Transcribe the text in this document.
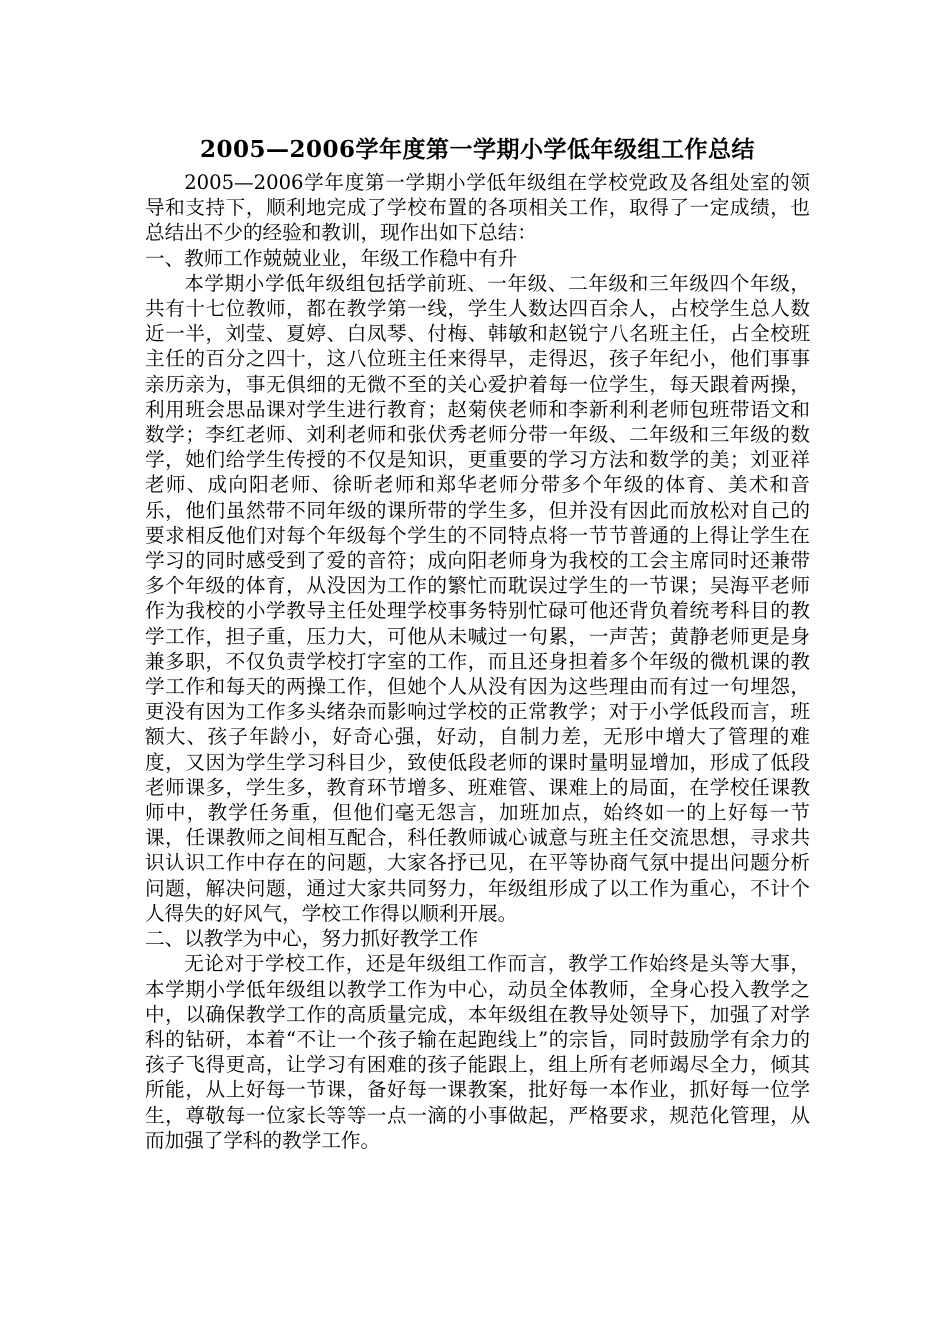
2005—2006学年度第一学期小学低年级组工作总结

2005—2006学年度第一学期小学低年级组在学校党政及各组处室的领导和支持下，顺利地完成了学校布置的各项相关工作，取得了一定成绩，也总结出不少的经验和教训，现作出如下总结：

一、教师工作兢兢业业，年级工作稳中有升

本学期小学低年级组包括学前班、一年级、二年级和三年级四个年级，共有十七位教师，都在教学第一线，学生人数达四百余人，占校学生总人数近一半，刘莹、夏婷、白凤琴、付梅、韩敏和赵锐宁八名班主任，占全校班主任的百分之四十，这八位班主任来得早，走得迟，孩子年纪小，他们事事亲历亲为，事无俱细的无微不至的关心爱护着每一位学生，每天跟着两操，利用班会思品课对学生进行教育；赵菊侠老师和李新利利老师包班带语文和数学；李红老师、刘利老师和张伏秀老师分带一年级、二年级和三年级的数学，她们给学生传授的不仅是知识，更重要的学习方法和数学的美；刘亚祥老师、成向阳老师、徐昕老师和郑华老师分带多个年级的体育、美术和音乐，他们虽然带不同年级的课所带的学生多，但并没有因此而放松对自己的要求相反他们对每个年级每个学生的不同特点将一节节普通的上得让学生在学习的同时感受到了爱的音符；成向阳老师身为我校的工会主席同时还兼带多个年级的体育，从没因为工作的繁忙而耽误过学生的一节课；吴海平老师作为我校的小学教导主任处理学校事务特别忙碌可他还背负着统考科目的教学工作，担子重，压力大，可他从未喊过一句累，一声苦；黄静老师更是身兼多职，不仅负责学校打字室的工作，而且还身担着多个年级的微机课的教学工作和每天的两操工作，但她个人从没有因为这些理由而有过一句埋怨，更没有因为工作多头绪杂而影响过学校的正常教学；对于小学低段而言，班额大、孩子年龄小，好奇心强，好动，自制力差，无形中增大了管理的难度，又因为学生学习科目少，致使低段老师的课时量明显增加，形成了低段老师课多，学生多，教育环节增多、班难管、课难上的局面，在学校任课教师中，教学任务重，但他们毫无怨言，加班加点，始终如一的上好每一节课，任课教师之间相互配合，科任教师诚心诚意与班主任交流思想，寻求共识认识工作中存在的问题，大家各抒已见，在平等协商气氛中提出问题分析问题，解决问题，通过大家共同努力，年级组形成了以工作为重心，不计个人得失的好风气，学校工作得以顺利开展。

二、以教学为中心，努力抓好教学工作

无论对于学校工作，还是年级组工作而言，教学工作始终是头等大事，本学期小学低年级组以教学工作为中心，动员全体教师，全身心投入教学之中，以确保教学工作的高质量完成，本年级组在教导处领导下，加强了对学科的钻研，本着“不让一个孩子输在起跑线上”的宗旨，同时鼓励学有余力的孩子飞得更高，让学习有困难的孩子能跟上，组上所有老师竭尽全力，倾其所能，从上好每一节课，备好每一课教案，批好每一本作业，抓好每一位学生，尊敬每一位家长等等一点一滴的小事做起，严格要求，规范化管理，从而加强了学科的教学工作。
